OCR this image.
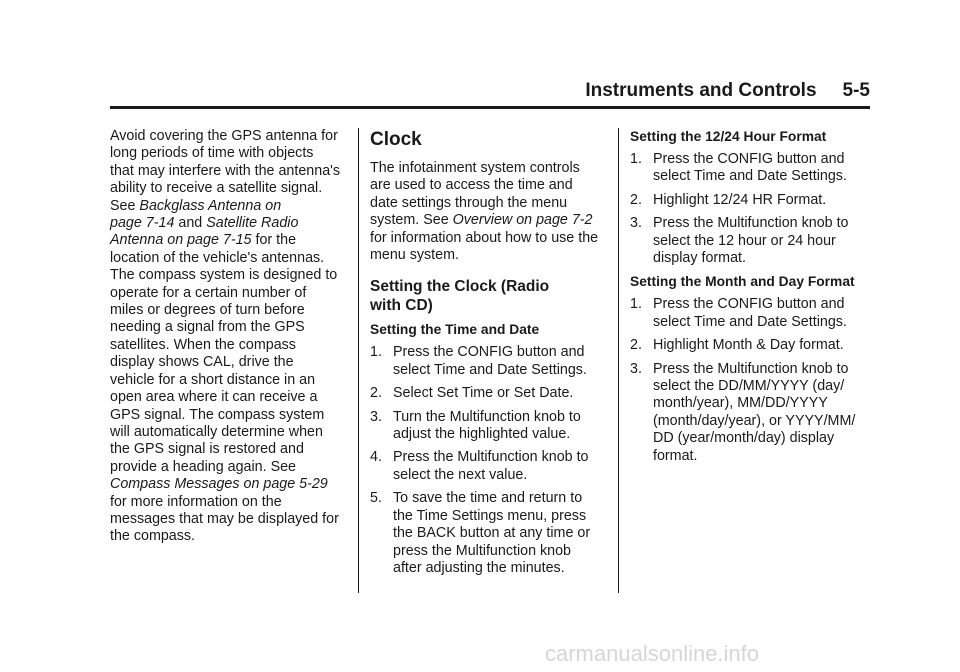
Instruments and Controls 5-5

Avoid covering the GPS antenna for

long periods of time with objects

that may interfere with the antenna's

ability to receive a satellite signal.

See Backglass Antenna on

page 7‑14 and Satellite Radio

Antenna on page 7‑15 for the

location of the vehicle's antennas.

The compass system is designed to

operate for a certain number of

miles or degrees of turn before

needing a signal from the GPS

satellites. When the compass

display shows CAL, drive the

vehicle for a short distance in an

open area where it can receive a

GPS signal. The compass system

will automatically determine when

the GPS signal is restored and

provide a heading again. See

Compass Messages on page 5‑29

for more information on the

messages that may be displayed for

the compass.

Clock

The infotainment system controls

are used to access the time and

date settings through the menu

system. See Overview on page 7‑2

for information about how to use the

menu system.

Setting the Clock (Radio
with CD)
Setting the Time and Date
1. Press the CONFIG button and
select Time and Date Settings.
2. Select Set Time or Set Date.
3. Turn the Multifunction knob to
adjust the highlighted value.
4. Press the Multifunction knob to
select the next value.
5. To save the time and return to
the Time Settings menu, press
the BACK button at any time or
press the Multifunction knob
after adjusting the minutes.
Setting the 12/24 Hour Format
1. Press the CONFIG button and
select Time and Date Settings.
2. Highlight 12/24 HR Format.
3. Press the Multifunction knob to
select the 12 hour or 24 hour
display format.
Setting the Month and Day Format
1. Press the CONFIG button and
select Time and Date Settings.
2. Highlight Month & Day format.
3. Press the Multifunction knob to
select the DD/MM/YYYY (day/
month/year), MM/DD/YYYY
(month/day/year), or YYYY/MM/
DD (year/month/day) display
format.
carmanualsonline.info
